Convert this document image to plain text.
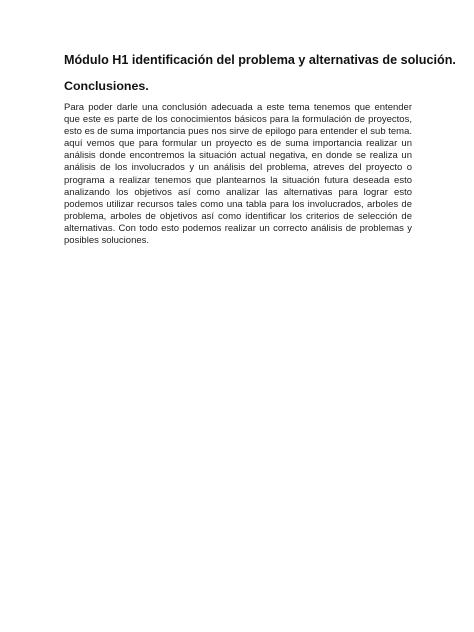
Módulo H1 identificación del problema y alternativas de solución.
Conclusiones.

Para poder darle una conclusión adecuada a este tema tenemos que entender que este es parte de los conocimientos básicos para la formulación de proyectos, esto es de suma importancia pues nos sirve de epilogo para entender el sub tema.
aquí vemos que para formular un proyecto es de suma importancia realizar un análisis donde encontremos la situación actual negativa, en donde se realiza un análisis de los involucrados y un análisis del problema, atreves del proyecto o programa a realizar tenemos que plantearnos la situación futura deseada esto analizando los objetivos así como analizar las alternativas para lograr esto podemos utilizar recursos tales como una tabla para los involucrados, arboles de problema, arboles de objetivos así como identificar los criterios de selección de alternativas. Con todo esto podemos realizar un correcto análisis de problemas y posibles soluciones.
